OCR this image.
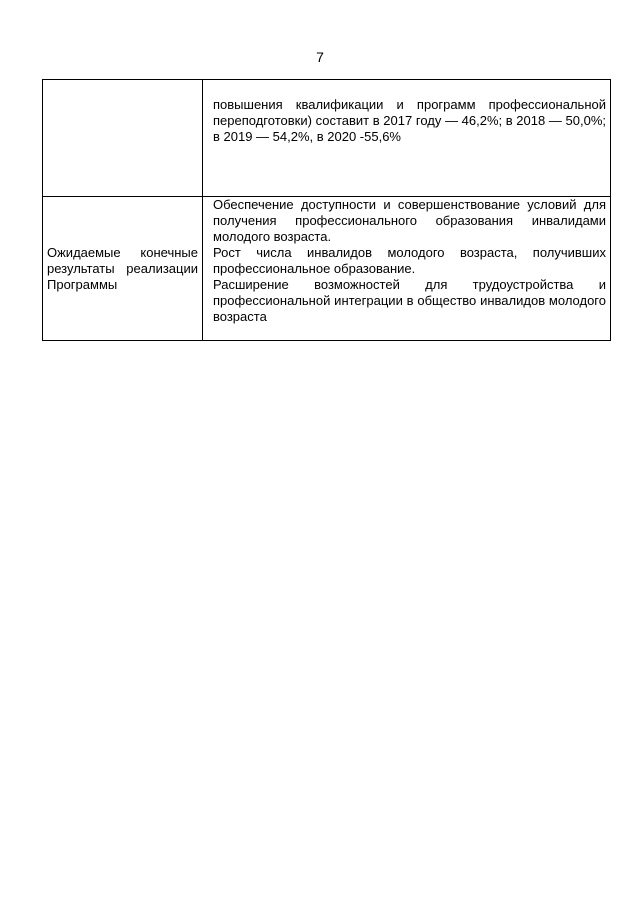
7

	повышения квалификации и программ профессиональной переподготовки) составит в 2017 году — 46,2%; в 2018 — 50,0%; в 2019 — 54,2%, в 2020 -55,6%

Ожидаемые конечные результаты реализации Программы	Обеспечение доступности и совершенствование условий для получения профессионального образования инвалидами молодого возраста.

Рост числа инвалидов молодого возраста, получивших профессиональное образование.

Расширение возможностей для трудоустройства и профессиональной интеграции в общество инвалидов молодого возраста
